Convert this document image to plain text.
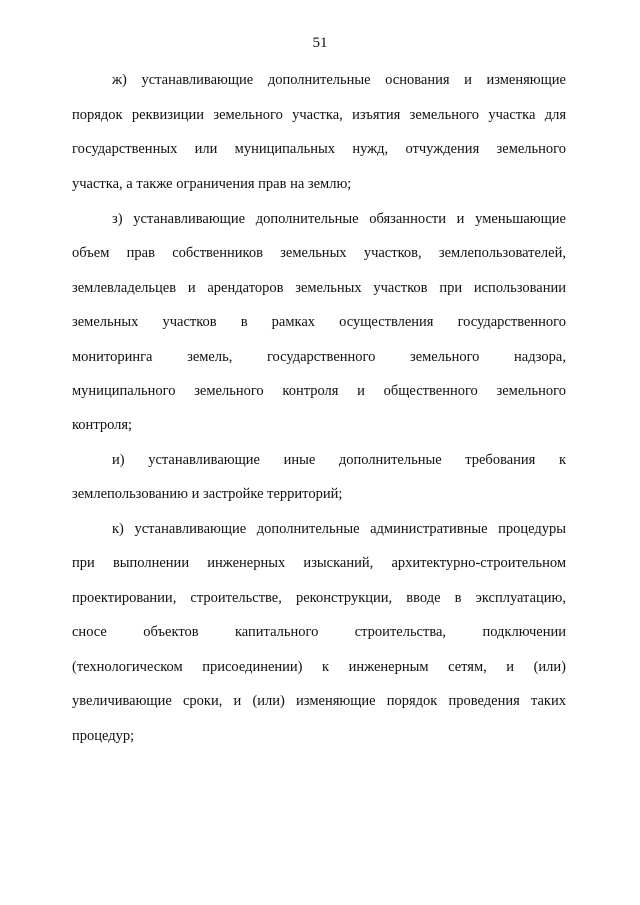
51
ж) устанавливающие дополнительные основания и изменяющие
порядок реквизиции земельного участка, изъятия земельного участка для
государственных или муниципальных нужд, отчуждения земельного
участка, а также ограничения прав на землю;
з) устанавливающие дополнительные обязанности и уменьшающие
объем прав собственников земельных участков, землепользователей,
землевладельцев и арендаторов земельных участков при использовании
земельных участков в рамках осуществления государственного
мониторинга земель, государственного земельного надзора,
муниципального земельного контроля и общественного земельного
контроля;
и) устанавливающие иные дополнительные требования к
землепользованию и застройке территорий;
к) устанавливающие дополнительные административные процедуры
при выполнении инженерных изысканий, архитектурно-строительном
проектировании, строительстве, реконструкции, вводе в эксплуатацию,
сносе объектов капитального строительства, подключении
(технологическом присоединении) к инженерным сетям, и (или)
увеличивающие сроки, и (или) изменяющие порядок проведения таких
процедур;
